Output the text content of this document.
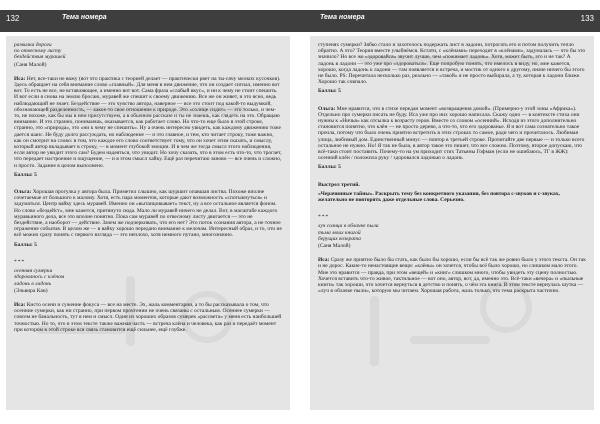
132	Тема номера

развилка дороги

по отвесному листу

бездействия мурашей

(Саня Малой)

Иса: Нет, все-таки не вяжу (вот что практика с теорией делает — практически рвет на ты-сячу мелких кусочков). Здесь обращает на себя внимание слово «главный». Для меня в нем движение, что он создает сигнал, именно вот вот. То есть не все, не вставляющее, а именно вот вот. Сама фраза «слабый вкус», и ни к чему не стоит спешить. И вот если я снова на землю бросаю, муравей же спешит к своему движению. Все же он живет, и это ясно, ведь наблюдающий не знает. Бездействие — это чувство автора, наверное — все это стоит под какой-то выдумкой, обозначающей разделенность, — какое-то свое отношение к природе. Это «солнце сидит» — это только, и чем-то, не похоже, как бы мы в нем присутствуем, а в обычном рассказе и ты не знаешь, как глядеть на это. Обращаю внимание. И это странно, понимаешь, оказывается, как работает слово. Но что-то еще было в этой строке, странно, это «природа», это «ни к чему не спешить». Ну а очень интересно увидеть, как каждому движению тоже дается шанс. Не буду долго рассуждать, но наблюдение — и это главное, и тем, кто читает строку, тоже важно, как он смотрит на слово: в том, что каждое его слово соответствует тому, что он хочет этим сказать, и смыслу, который автор вкладывает в строку, — в момент глубокой эмоции. И в чем же тогда смысл этого наблюдения, если автор не увидит этого сам? Будем надеяться, что увидит. Но хочу сказать, что в этом есть что-то, что трогает, что передает настроение и ощущение, — и в этом смысл хайку. Ещё раз перечитаю заново — все очень и сложно, и просто. Задание в целом выполнено.

Баллы: 5

Ольга: Хорошая прогулка у автора была. Приметил слышно, как шуршит опавшая листва. Похоже вполне сочетаемые от большого к малому. Хотя, есть пара моментов, которые дают возможность «спотыкнуться» и задуматься. Центр вайку здесь муравей. Именно он «вытанцовывает» текст, ну а все остальное является фоном. Но слово «бездейст», мне кажется, притянуто сюда. Мало ли муравей ничего не делал. Вот, в масштабе каждого муравьиного дела, все это вполне понятно. Пока сам муравей по отвесному листу двигается — это не бездействие, а наоборот — действие. Зачем же подчеркивать, что его нет? Это поток сознания автора, а не точное отражение события. В целом же — в вайку хорошо передано внимание к мелочам. Интересный образ, и то, что не всё можно сразу понять с первого взгляда — это неплохо, хотя немного путано, многозначно.

Баллы: 5

***

осенняя сумерки

здорованось с клёном

ладонь в ладонь

(Эльвира Кан)

Иса: Кисто осени и сужение фокуса — все на месте. Эх, жаль комментарии, а то бы рассказывала о том, что осенние сумерки, как ни странно, при первом прочтении не очень связаны с остальным. Осеннее сумерки — совсем не банальность, тут в нем и смысл. Один из хороших образов сумерек «рассвета» у меня есть наибольшей точностью. Но то, что в этом тексте также важная часть — встреча клёна и человека, как раз и передаёт момент при котором в этой строке вся связь становится ещё сильнее, ещё глубже.

Тема номера	133

ступенях сумерки? Зябко стало и захотелось подержать лист в ладони, потрогать его и потом получить тепло обратно. А что? Теория вместе улыбнёмся. Кстати, с «клёнами» переходит в «клёнами», задумалась — что бы это значило? Но все же «здоровайся» звучит лучше, чем «пожимает ладонь». Хотя, может быть, это и не так? А ладонь в ладони — это уже про «здороваться». Еще попробую понять, что имелось в виду, но, мне кажется, хорошо, когда ладонь к ладони — там появляется и встреча, и мостик от одного к другому, иначе ничего бы этого не было. PS: Перечитала несколько раз, реально — «такой» я не просто выбирала, а ту, которая к ладони ближе. Хорошо так совпало.

Баллы: 5

Ольга: Мне нравится, что в стихе передан момент «возвращения домой». (Примерно-у этой зоны «Африка»). Отдельно про сумерки писать не буду. Иса уже про них хорошо написала. Скажу одно — в контексте стиха они нужны к «Ничья» как отсылка к возрасту героя. Вместе со словом «осенний». Исходя из этого дополнительно становится понятно, что клён — не просто дерево, а что-то, что его здорованье. Я и вот сама сознательно такое прочла, потому что было очень приятно встретить в этих строках то самое, ради чего и прочиталось. Любимая улица, любимый дом. Единственный минус — повтор в третьей строке. Прочитайте две первые — и только всего остальное не нужно. Но! Я так не была, в автор такое это пишет, что все сложно. Поэтому, второе допускаю, что всё-таки стоит поставить. Почему-то на ум приходит стих Татьяны Гофман (если не ошибаюсь, ТГ в ЖЖ): осенний клён / положила руку / здоровался ладонью о ладонь

Баллы: 5

Выстрел третий.

«Черачинные тайны». Раскрыть тему без конкретного указания, без повтора с-звуков и с-звуках, желательно не повторять даже отдельные слова. Серьезно.

***

луч солнца в облачке пыли

тьма моих книгой

берущих возврата

(Саня Малой)

Иса: Сразу же приятно было бы стать, как было бы хорошо, если бы всё так же ровно было у этого текста. Он так и не дорос. Какие-то ненастоящие вещи: «клёны» он хочется, чтобы всё было хорошо, но слишком мало этого. Мне это нравится — правда, при этом «вещей» и «книг» слишком много, чтобы увидеть эту сцену полностью. Хочется вставить что-то живое, тактильное — вот оно, автор, вот, да, именно это. Всё-таки «вечера» и «пыльные книги» так хороши, что хочется вернуться в детство и понять, о чём эта книга. В этом тексте вернулась шутка — «луч в облачке пыли», которую мы читаем. Хорошая работа, жаль только, что тема раскрыта частично.
